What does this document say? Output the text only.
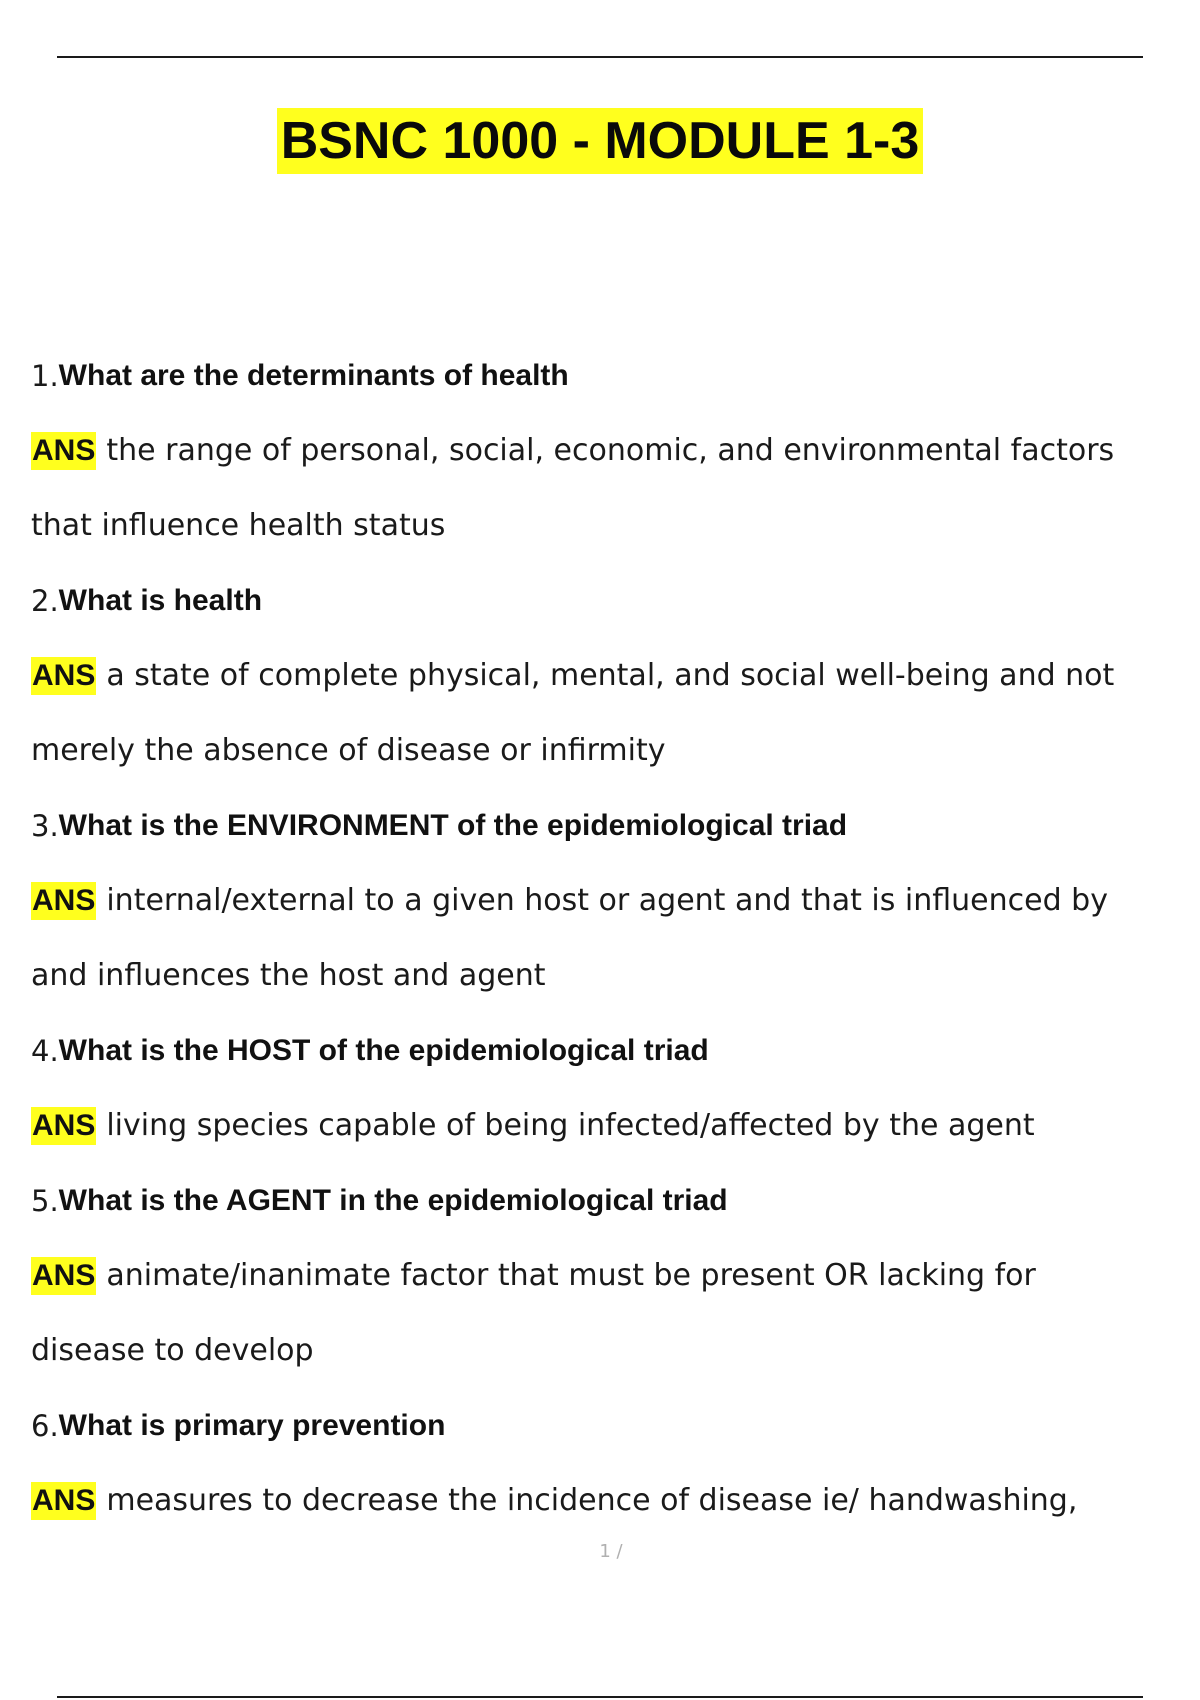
BSNC 1000 - MODULE 1-3
1. What are the determinants of health
ANS the range of personal, social, economic, and environmental factors
that influence health status
2. What is health
ANS a state of complete physical, mental, and social well-being and not
merely the absence of disease or infirmity
3. What is the ENVIRONMENT of the epidemiological triad
ANS internal/external to a given host or agent and that is influenced by
and influences the host and agent
4. What is the HOST of the epidemiological triad
ANS living species capable of being infected/affected by the agent
5. What is the AGENT in the epidemiological triad
ANS animate/inanimate factor that must be present OR lacking for
disease to develop
6. What is primary prevention
ANS measures to decrease the incidence of disease ie/ handwashing,
1 /
